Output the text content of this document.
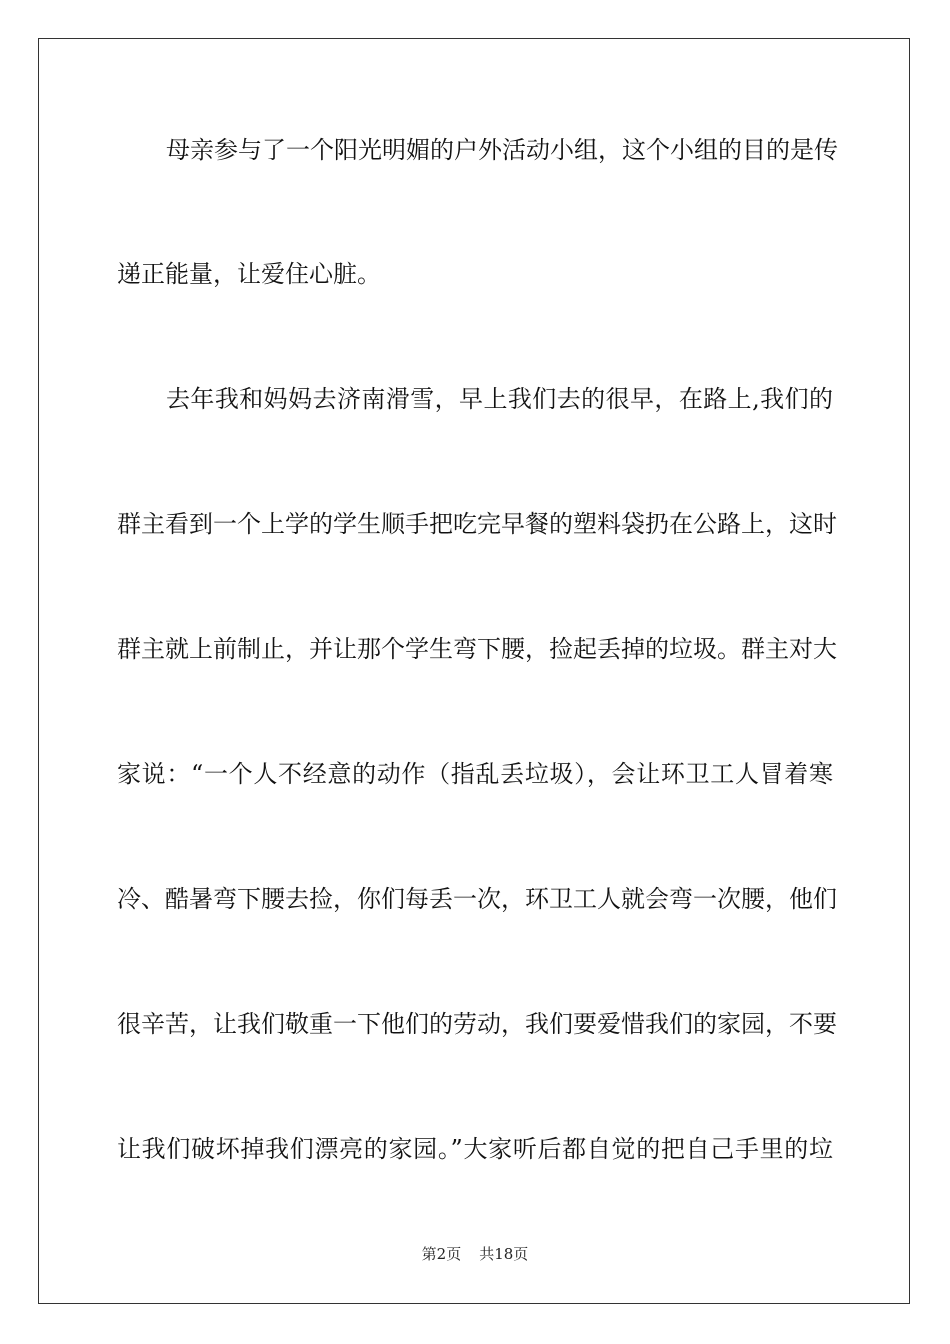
母亲参与了一个阳光明媚的户外活动小组，这个小组的目的是传
递正能量，让爱住心脏。
去年我和妈妈去济南滑雪，早上我们去的很早，在路上,我们的
群主看到一个上学的学生顺手把吃完早餐的塑料袋扔在公路上，这时
群主就上前制止，并让那个学生弯下腰，捡起丢掉的垃圾。群主对大
家说：“一个人不经意的动作（指乱丢垃圾），会让环卫工人冒着寒
冷、酷暑弯下腰去捡，你们每丢一次，环卫工人就会弯一次腰，他们
很辛苦，让我们敬重一下他们的劳动，我们要爱惜我们的家园，不要
让我们破坏掉我们漂亮的家园。”大家听后都自觉的把自己手里的垃
第2页 共18页
